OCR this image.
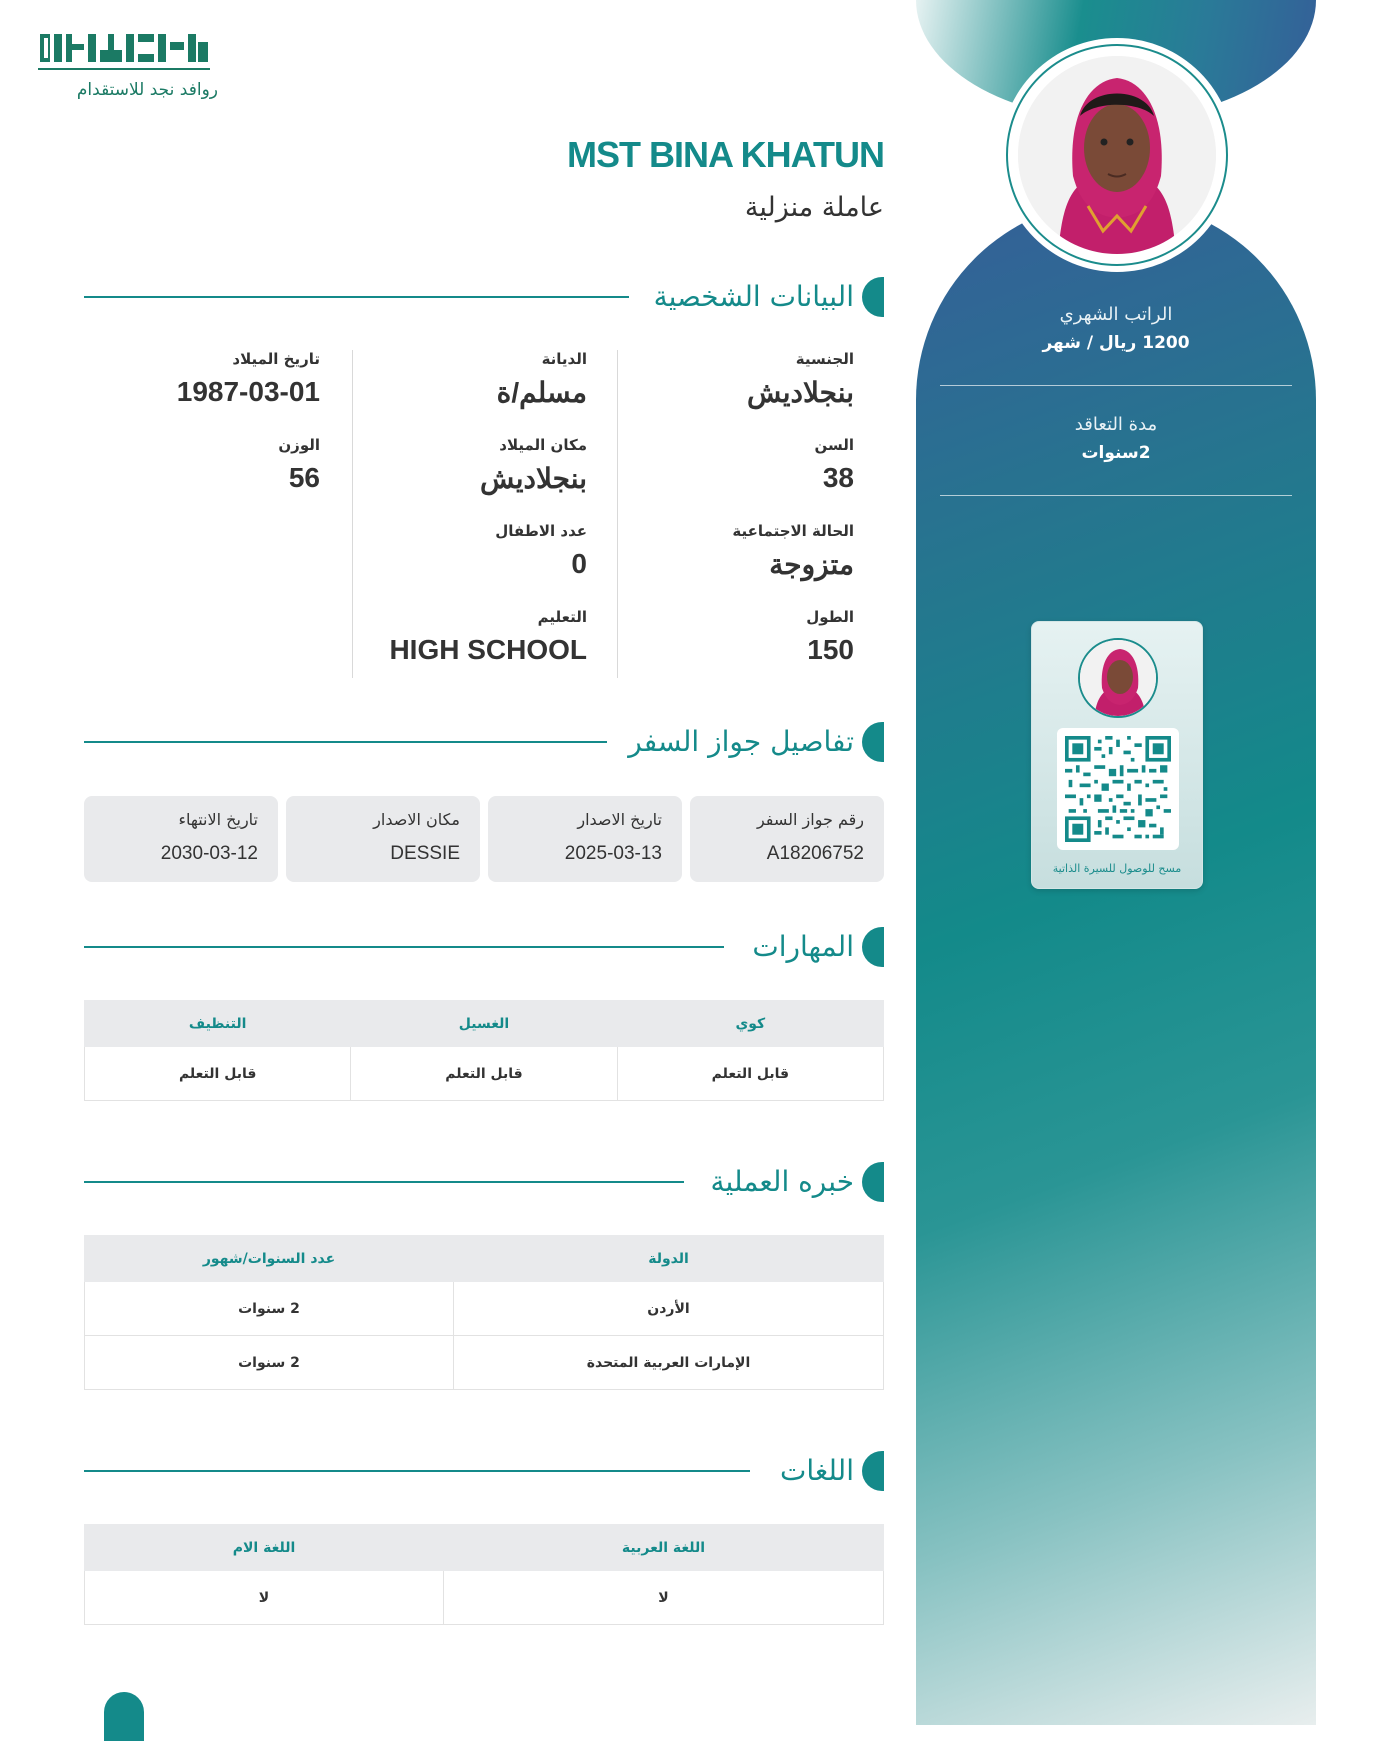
الراتب الشهري
1200 ريال / شهر
مدة التعاقد
2سنوات
مسح للوصول للسيرة الذاتية
روافد نجد للاستقدام
MST BINA KHATUN
عاملة منزلية
البيانات الشخصية
الجنسية
بنجلاديش
السن
38
الحالة الاجتماعية
متزوجة
الطول
150
الديانة
مسلم/ة
مكان الميلاد
بنجلاديش
عدد الاطفال
0
التعليم
HIGH SCHOOL
تاريخ الميلاد
1987-03-01
الوزن
56
تفاصيل جواز السفر
رقم جواز السفر
A18206752
تاريخ الاصدار
2025-03-13
مكان الاصدار
DESSIE
تاريخ الانتهاء
2030-03-12
المهارات
كوي	الغسيل	التنظيف
قابل التعلم	قابل التعلم	قابل التعلم
خبره العملية
الدولة	عدد السنوات/شهور
الأردن	2 سنوات
الإمارات العربية المتحدة	2 سنوات
اللغات
اللغة العربية	اللغة الام
لا	لا
